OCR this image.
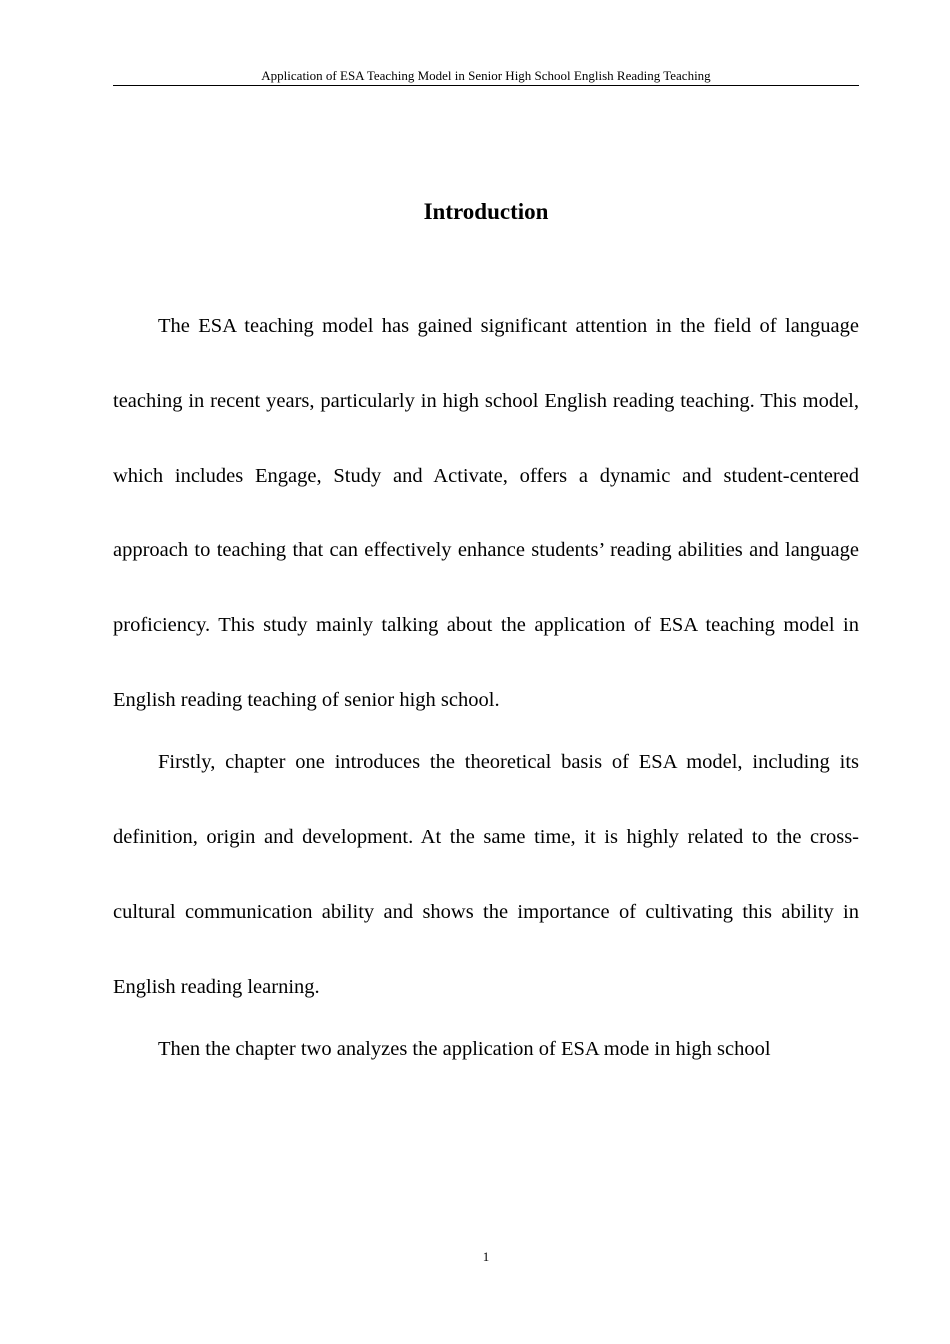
Application of ESA Teaching Model in Senior High School English Reading Teaching
Introduction

The ESA teaching model has gained significant attention in the field of language teaching in recent years, particularly in high school English reading teaching. This model, which includes Engage, Study and Activate, offers a dynamic and student-centered approach to teaching that can effectively enhance students’ reading abilities and language proficiency. This study mainly talking about the application of ESA teaching model in English reading teaching of senior high school.

Firstly, chapter one introduces the theoretical basis of ESA model, including its definition, origin and development. At the same time, it is highly related to the cross-cultural communication ability and shows the importance of cultivating this ability in English reading learning.

Then the chapter two analyzes the application of ESA mode in high school

1
